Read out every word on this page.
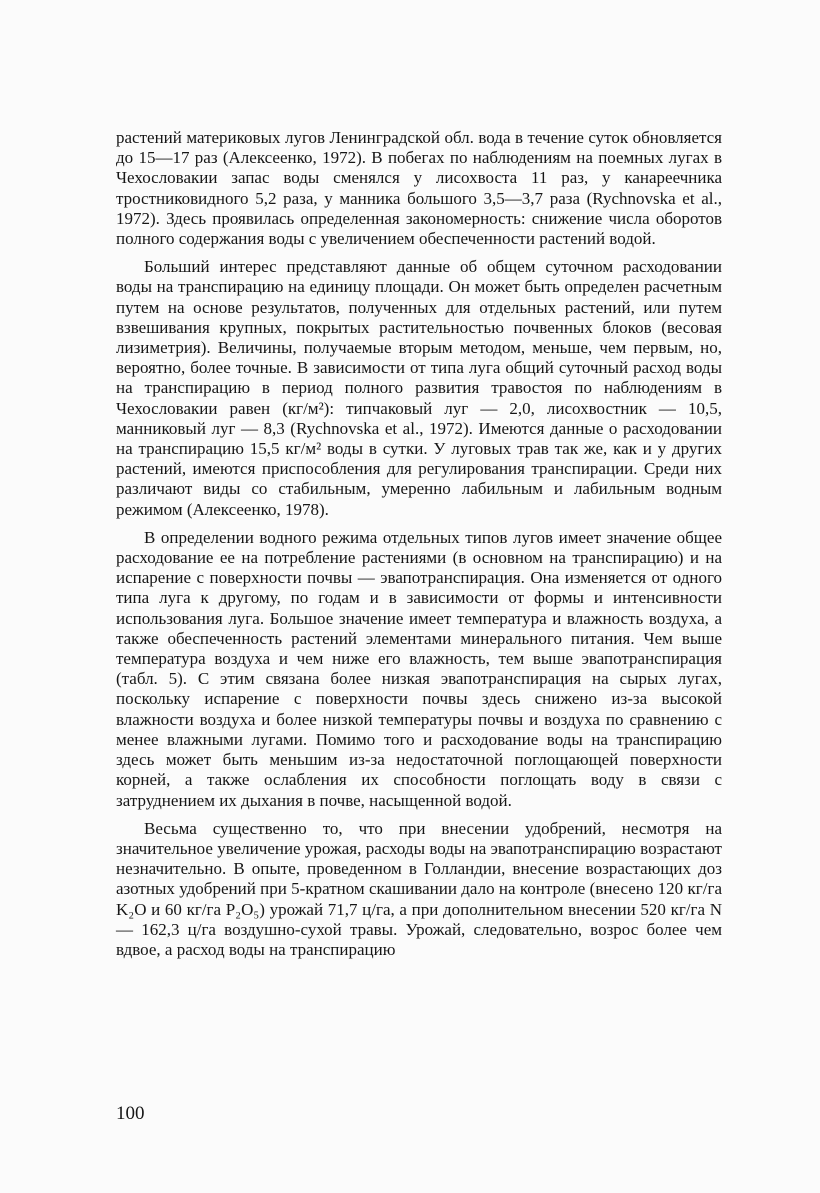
растений материковых лугов Ленинградской обл. вода в течение суток обновляется до 15—17 раз (Алексеенко, 1972). В побегах по наблюдениям на поемных лугах в Чехословакии запас воды сменялся у лисохвоста 11 раз, у канареечника тростниковидного 5,2 раза, у манника большого 3,5—3,7 раза (Rychnovska et al., 1972). Здесь проявилась определенная закономерность: снижение числа оборотов полного содержания воды с увеличением обеспеченности растений водой.

Больший интерес представляют данные об общем суточном расходовании воды на транспирацию на единицу площади. Он может быть определен расчетным путем на основе результатов, полученных для отдельных растений, или путем взвешивания крупных, покрытых растительностью почвенных блоков (весовая лизиметрия). Величины, получаемые вторым методом, меньше, чем первым, но, вероятно, более точные. В зависимости от типа луга общий суточный расход воды на транспирацию в период полного развития травостоя по наблюдениям в Чехословакии равен (кг/м²): типчаковый луг — 2,0, лисохвостник — 10,5, манниковый луг — 8,3 (Rychnovska et al., 1972). Имеются данные о расходовании на транспирацию 15,5 кг/м² воды в сутки. У луговых трав так же, как и у других растений, имеются приспособления для регулирования транспирации. Среди них различают виды со стабильным, умеренно лабильным и лабильным водным режимом (Алексеенко, 1978).

В определении водного режима отдельных типов лугов имеет значение общее расходование ее на потребление растениями (в основном на транспирацию) и на испарение с поверхности почвы — эвапотранспирация. Она изменяется от одного типа луга к другому, по годам и в зависимости от формы и интенсивности использования луга. Большое значение имеет температура и влажность воздуха, а также обеспеченность растений элементами минерального питания. Чем выше температура воздуха и чем ниже его влажность, тем выше эвапотранспирация (табл. 5). С этим связана более низкая эвапотранспирация на сырых лугах, поскольку испарение с поверхности почвы здесь снижено из-за высокой влажности воздуха и более низкой температуры почвы и воздуха по сравнению с менее влажными лугами. Помимо того и расходование воды на транспирацию здесь может быть меньшим из-за недостаточной поглощающей поверхности корней, а также ослабления их способности поглощать воду в связи с затруднением их дыхания в почве, насыщенной водой.

Весьма существенно то, что при внесении удобрений, несмотря на значительное увеличение урожая, расходы воды на эвапотранспирацию возрастают незначительно. В опыте, проведенном в Голландии, внесение возрастающих доз азотных удобрений при 5-кратном скашивании дало на контроле (внесено 120 кг/га K₂O и 60 кг/га P₂O₅) урожай 71,7 ц/га, а при дополнительном внесении 520 кг/га N — 162,3 ц/га воздушно-сухой травы. Урожай, следовательно, возрос более чем вдвое, а расход воды на транспирацию

100
